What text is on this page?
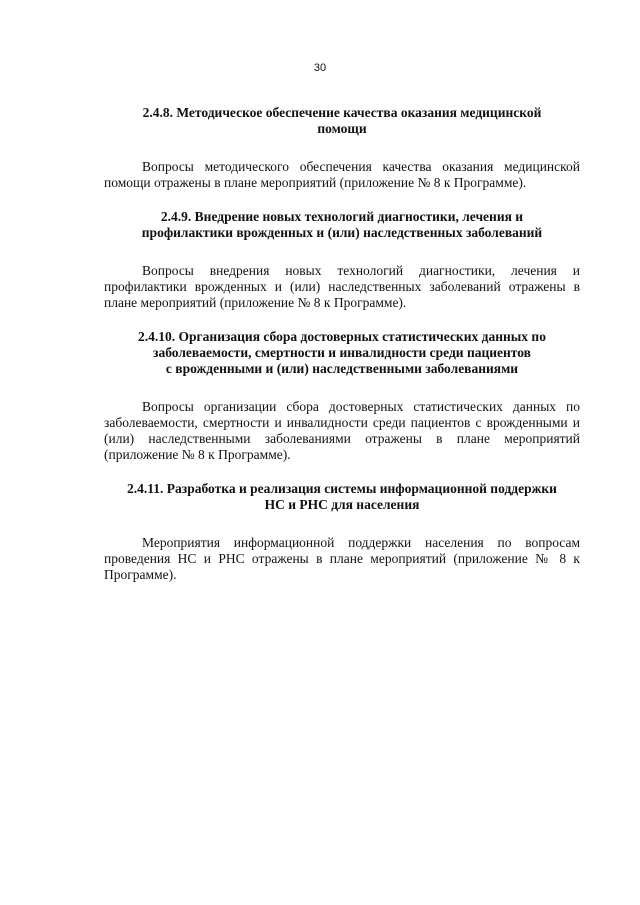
30
2.4.8. Методическое обеспечение качества оказания медицинской
помощи

Вопросы методического обеспечения качества оказания медицинской помощи отражены в плане мероприятий (приложение № 8 к Программе).

2.4.9. Внедрение новых технологий диагностики, лечения и
профилактики врожденных и (или) наследственных заболеваний

Вопросы внедрения новых технологий диагностики, лечения и профилактики врожденных и (или) наследственных заболеваний отражены в плане мероприятий (приложение № 8 к Программе).

2.4.10. Организация сбора достоверных статистических данных по
заболеваемости, смертности и инвалидности среди пациентов
с врожденными и (или) наследственными заболеваниями

Вопросы организации сбора достоверных статистических данных по заболеваемости, смертности и инвалидности среди пациентов с врожденными и (или) наследственными заболеваниями отражены в плане мероприятий (приложение № 8 к Программе).

2.4.11. Разработка и реализация системы информационной поддержки
НС и РНС для населения

Мероприятия информационной поддержки населения по вопросам проведения НС и РНС отражены в плане мероприятий (приложение № 8 к Программе).
